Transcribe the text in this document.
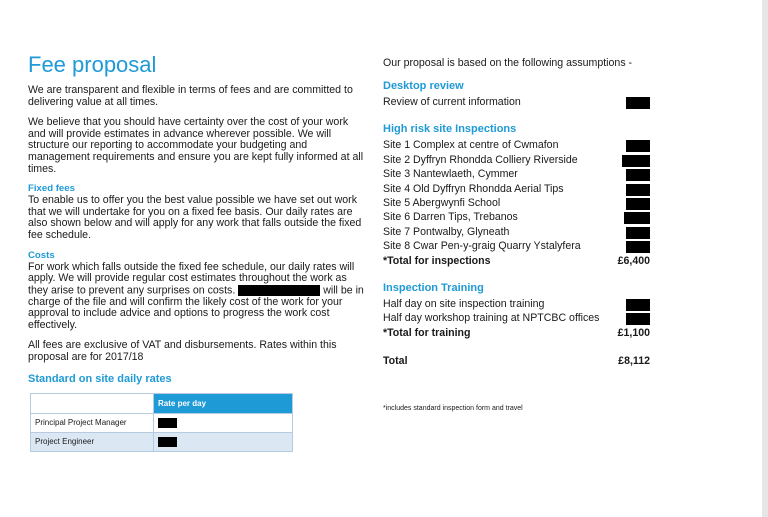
Fee proposal

We are transparent and flexible in terms of fees and are committed to delivering value at all times.

We believe that you should have certainty over the cost of your work and will provide estimates in advance wherever possible. We will structure our reporting to accommodate your budgeting and management requirements and ensure you are kept fully informed at all times.

Fixed fees

To enable us to offer you the best value possible we have set out work that we will undertake for you on a fixed fee basis. Our daily rates are also shown below and will apply for any work that falls outside the fixed fee schedule.

Costs

For work which falls outside the fixed fee schedule, our daily rates will apply. We will provide regular cost estimates throughout the work as they arise to prevent any surprises on costs.	will be in charge of the file and will confirm the likely cost of the work for your approval to include advice and options to progress the work cost effectively.

All fees are exclusive of VAT and disbursements. Rates within this proposal are for 2017/18

Standard on site daily rates
	Rate per day
Principal Project Manager	
Project Engineer	
Our proposal is based on the following assumptions -
Desktop review
Review of current information
High risk site Inspections
Site 1 Complex at centre of Cwmafon
Site 2 Dyffryn Rhondda Colliery Riverside
Site 3 Nantewlaeth, Cymmer
Site 4 Old Dyffryn Rhondda Aerial Tips
Site 5 Abergwynfi School
Site 6 Darren Tips, Trebanos
Site 7 Pontwalby, Glyneath
Site 8 Cwar Pen-y-graig Quarry Ystalyfera
*Total for inspections	£6,400
Inspection Training
Half day on site inspection training
Half day workshop training at NPTCBC offices
*Total for training	£1,100
Total	£8,112
*includes standard inspection form and travel
